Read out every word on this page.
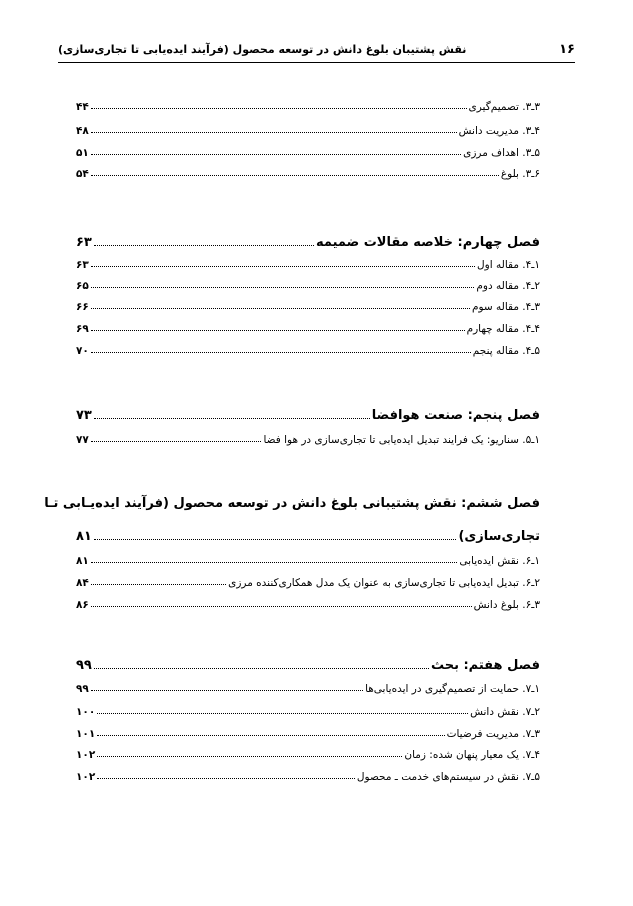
۱۶
نقش پشتیبان بلوغ دانش در توسعه محصول (فرآیند ایده‌یابی تا تجاری‌سازی)
۳ـ۳. تصمیم‌گیری
۴۴
۴ـ۳. مدیریت دانش
۴۸
۵ـ۳. اهداف مرزی
۵۱
۶ـ۳. بلوغ
۵۴
فصل چهارم: خلاصه مقالات ضمیمه
۶۳
۱ـ۴. مقاله اول
۶۳
۲ـ۴. مقاله دوم
۶۵
۳ـ۴. مقاله سوم
۶۶
۴ـ۴. مقاله چهارم
۶۹
۵ـ۴. مقاله پنجم
۷۰
فصل پنجم: صنعت هوافضا
۷۳
۱ـ۵. سناریو: یک فرایند تبدیل ایده‌یابی تا تجاری‌سازی در هوا فضا
۷۷
فصل ششم: نقش پشتیبانی بلوغ دانش در توسعه محصول (فرآیند ایده‌یـابی تـا
تجاری‌سازی)
۸۱
۱ـ۶. نقش ایده‌یابی
۸۱
۲ـ۶. تبدیل ایده‌یابی تا تجاری‌سازی به عنوان یک مدل همکاری‌کننده مرزی
۸۴
۳ـ۶. بلوغ دانش
۸۶
فصل هفتم: بحث
۹۹
۱ـ۷. حمایت از تصمیم‌گیری در ایده‌یابی‌ها
۹۹
۲ـ۷. نقش دانش
۱۰۰
۳ـ۷. مدیریت فرضیات
۱۰۱
۴ـ۷. یک معیار پنهان شده: زمان
۱۰۲
۵ـ۷. نقش در سیستم‌های خدمت ـ محصول
۱۰۲
